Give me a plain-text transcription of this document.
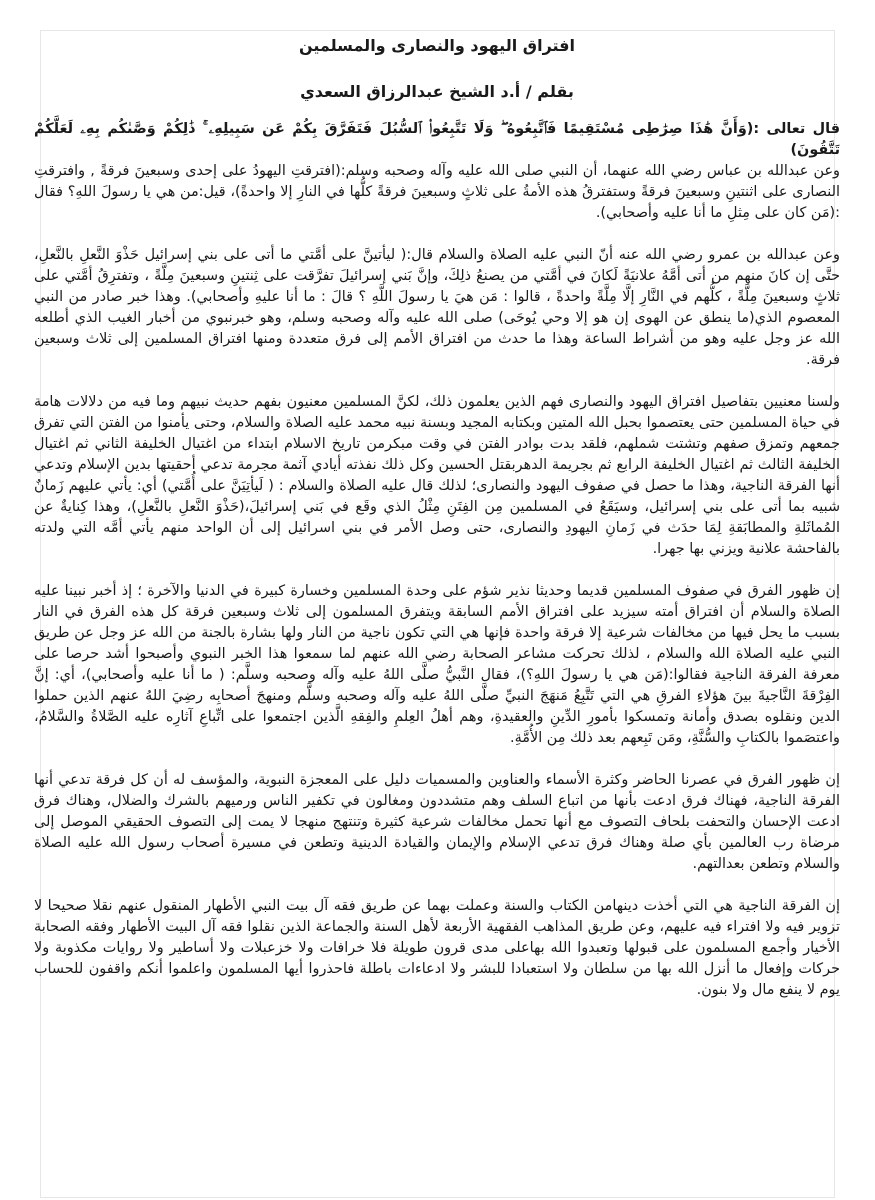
افتراق اليهود والنصارى والمسلمين
بقلم / أ.د الشيخ عبدالرزاق السعدي

قال تعالى :(وَأَنَّ هَٰذَا صِرَٰطِى مُسْتَقِيمًا فَٱتَّبِعُوهُ ۖ وَلَا تَتَّبِعُوا۟ ٱلسُّبُلَ فَتَفَرَّقَ بِكُمْ عَن سَبِيلِهِۦ ۚ ذَٰلِكُمْ وَصَّىٰكُم بِهِۦ لَعَلَّكُمْ تَتَّقُونَ)

وعن عبدالله بن عباس رضي الله عنهما، أن النبي صلى الله عليه وآله وصحبه وسلم:(افترقتِ اليهودُ على إحدى وسبعينَ فرقةً , وافترقتِ النصارى على اثنتينِ وسبعينَ فرقةً وستفترقُ هذه الأمةُ على ثلاثٍ وسبعينَ فرقةً كلُّها في النارِ إلا واحدةً)، قيل:من هي يا رسولَ اللهِ؟ فقال :(مَن كان على مِثلِ ما أنا عليه وأصحابي).

وعن عبدالله بن عمرو رضي الله عنه أنّ النبي عليه الصلاة والسلام قال:( ليأتينَّ على أمَّتي ما أتى على بني إسرائيل حَذْوَ النَّعلِ بالنَّعلِ، حتَّى إن كانَ منهم من أتى أمَّهُ علانيَةً لَكانَ في أمَّتي من يصنعُ ذلِكَ، وإنَّ بَني إسرائيلَ تفرَّقت على ثِنتينِ وسبعينَ مِلَّةً ، وتفترِقُ أمَّتي على ثلاثٍ وسبعينَ مِلَّةً ، كلُّهم في النَّارِ إلَّا مِلَّةً واحدةً ، قالوا : مَن هيَ يا رسولَ اللَّهِ ؟ قالَ : ما أنا عليهِ وأصحابي). وهذا خبر صادر من النبي المعصوم الذي(ما ينطق عن الهوى إن هو إلا وحي يُوحَى) صلى الله عليه وآله وصحبه وسلم، وهو خبرنبوي من أخبار الغيب الذي أطلعه الله عز وجل عليه وهو من أشراط الساعة وهذا ما حدث من افتراق الأمم إلى فرق متعددة ومنها افتراق المسلمين إلى ثلاث وسبعين فرقة.

ولسنا معنيين بتفاصيل افتراق اليهود والنصارى فهم الذين يعلمون ذلك، لكنَّ المسلمين معنيون بفهم حديث نبيهم وما فيه من دلالات هامة في حياة المسلمين حتى يعتصموا بحبل الله المتين وبكتابه المجيد وبسنة نبيه محمد عليه الصلاة والسلام، وحتى يأمنوا من الفتن التي تفرق جمعهم وتمزق صفهم وتشتت شملهم، فلقد بدت بوادر الفتن في وقت مبكرمن تاريخ الاسلام ابتداء من اغتيال الخليفة الثاني ثم اغتيال الخليفة الثالث ثم اغتيال الخليفة الرابع ثم بجريمة الدهربقتل الحسين وكل ذلك نفذته أيادي آثمة مجرمة تدعي أحقيتها بدين الإسلام وتدعي أنها الفرقة الناجية، وهذا ما حصل في صفوف اليهود والنصارى؛ لذلك قال عليه الصلاة والسلام : ( لَيأتِيَنَّ على أُمَّتي) أي: يأتي عليهم زَمانٌ شبيه بما أتى على بني إسرائيل، وسيَقَعُ في المسلمين مِن الفِتَنِ مِثْلُ الذي وقَع في بَني إسرائيلَ،(حَذْوَ النَّعلِ بالنَّعلِ)، وهذا كِنايةٌ عن المُماثَلةِ والمطابَقةِ لِمَا حدَث في زَمانِ اليهودِ والنصارى، حتى وصل الأمر في بني اسرائيل إلى أن الواحد منهم يأتي أمَّه التي ولدته بالفاحشة علانية ويزني بها جهرا.

إن ظهور الفرق في صفوف المسلمين قديما وحديثا نذير شؤم على وحدة المسلمين وخسارة كبيرة في الدنيا والآخرة ؛ إذ أخبر نبينا عليه الصلاة والسلام أن افتراق أمته سيزيد على افتراق الأمم السابقة ويتفرق المسلمون إلى ثلاث وسبعين فرقة كل هذه الفرق في النار بسبب ما يحل فيها من مخالفات شرعية إلا فرقة واحدة فإنها هي التي تكون ناجية من النار ولها بشارة بالجنة من الله عز وجل عن طريق النبي عليه الصلاة الله والسلام ، لذلك تحركت مشاعر الصحابة رضي الله عنهم لما سمعوا هذا الخبر النبوي وأصبحوا أشد حرصا على معرفة الفرقة الناجية فقالوا:(مَن هي يا رسولَ اللهِ؟)، فقال النَّبيُّ صلَّى اللهُ عليه وآله وصحبه وسلَّم: ( ما أنا عليه وأصحابي)، أي: إنَّ الفِرْقةَ النَّاجيةَ بينَ هؤلاءِ الفرقِ هي التي تَتَّبِعُ مَنهَجَ النبيِّ صلَّى اللهُ عليه وآله وصحبه وسلَّم ومنهجَ أصحابِه رضِيَ اللهُ عنهم الذين حملوا الدين ونقلوه بصدق وأمانة وتمسكوا بأمورِ الدِّينِ والعقيدةِ، وهم أهلُ العِلمِ والفِقهِ الَّذين اجتمعوا على اتِّباعِ آثارِه عليه الصَّلاةُ والسَّلامُ، واعتصَموا بالكتابِ والسُّنَّةِ، ومَن تَبِعهم بعد ذلك مِن الأُمَّةِ.

إن ظهور الفرق في عصرنا الحاضر وكثرة الأسماء والعناوين والمسميات دليل على المعجزة النبوية، والمؤسف له أن كل فرقة تدعي أنها الفرقة الناجية، فهناك فرق ادعت بأنها من اتباع السلف وهم متشددون ومغالون في تكفير الناس ورميهم بالشرك والضلال، وهناك فرق ادعت الإحسان والتحفت بلحاف التصوف مع أنها تحمل مخالفات شرعية كثيرة وتنتهج منهجا لا يمت إلى التصوف الحقيقي الموصل إلى مرضاة رب العالمين بأي صلة وهناك فرق تدعي الإسلام والإيمان والقيادة الدينية وتطعن في مسيرة أصحاب رسول الله عليه الصلاة والسلام وتطعن بعدالتهم.

إن الفرقة الناجية هي التي أخذت دينهامن الكتاب والسنة وعملت بهما عن طريق فقه آل بيت النبي الأطهار المنقول عنهم نقلا صحيحا لا تزوير فيه ولا افتراء فيه عليهم، وعن طريق المذاهب الفقهية الأربعة لأهل السنة والجماعة الذين نقلوا فقه آل البيت الأطهار وفقه الصحابة الأخيار وأجمع المسلمون على قبولها وتعبدوا الله بهاعلى مدى قرون طويلة فلا خرافات ولا خزعبلات ولا أساطير ولا روايات مكذوبة ولا حركات وإفعال ما أنزل الله بها من سلطان ولا استعبادا للبشر ولا ادعاءات باطلة فاحذروا أيها المسلمون واعلموا أنكم واقفون للحساب يوم لا ينفع مال ولا بنون.
